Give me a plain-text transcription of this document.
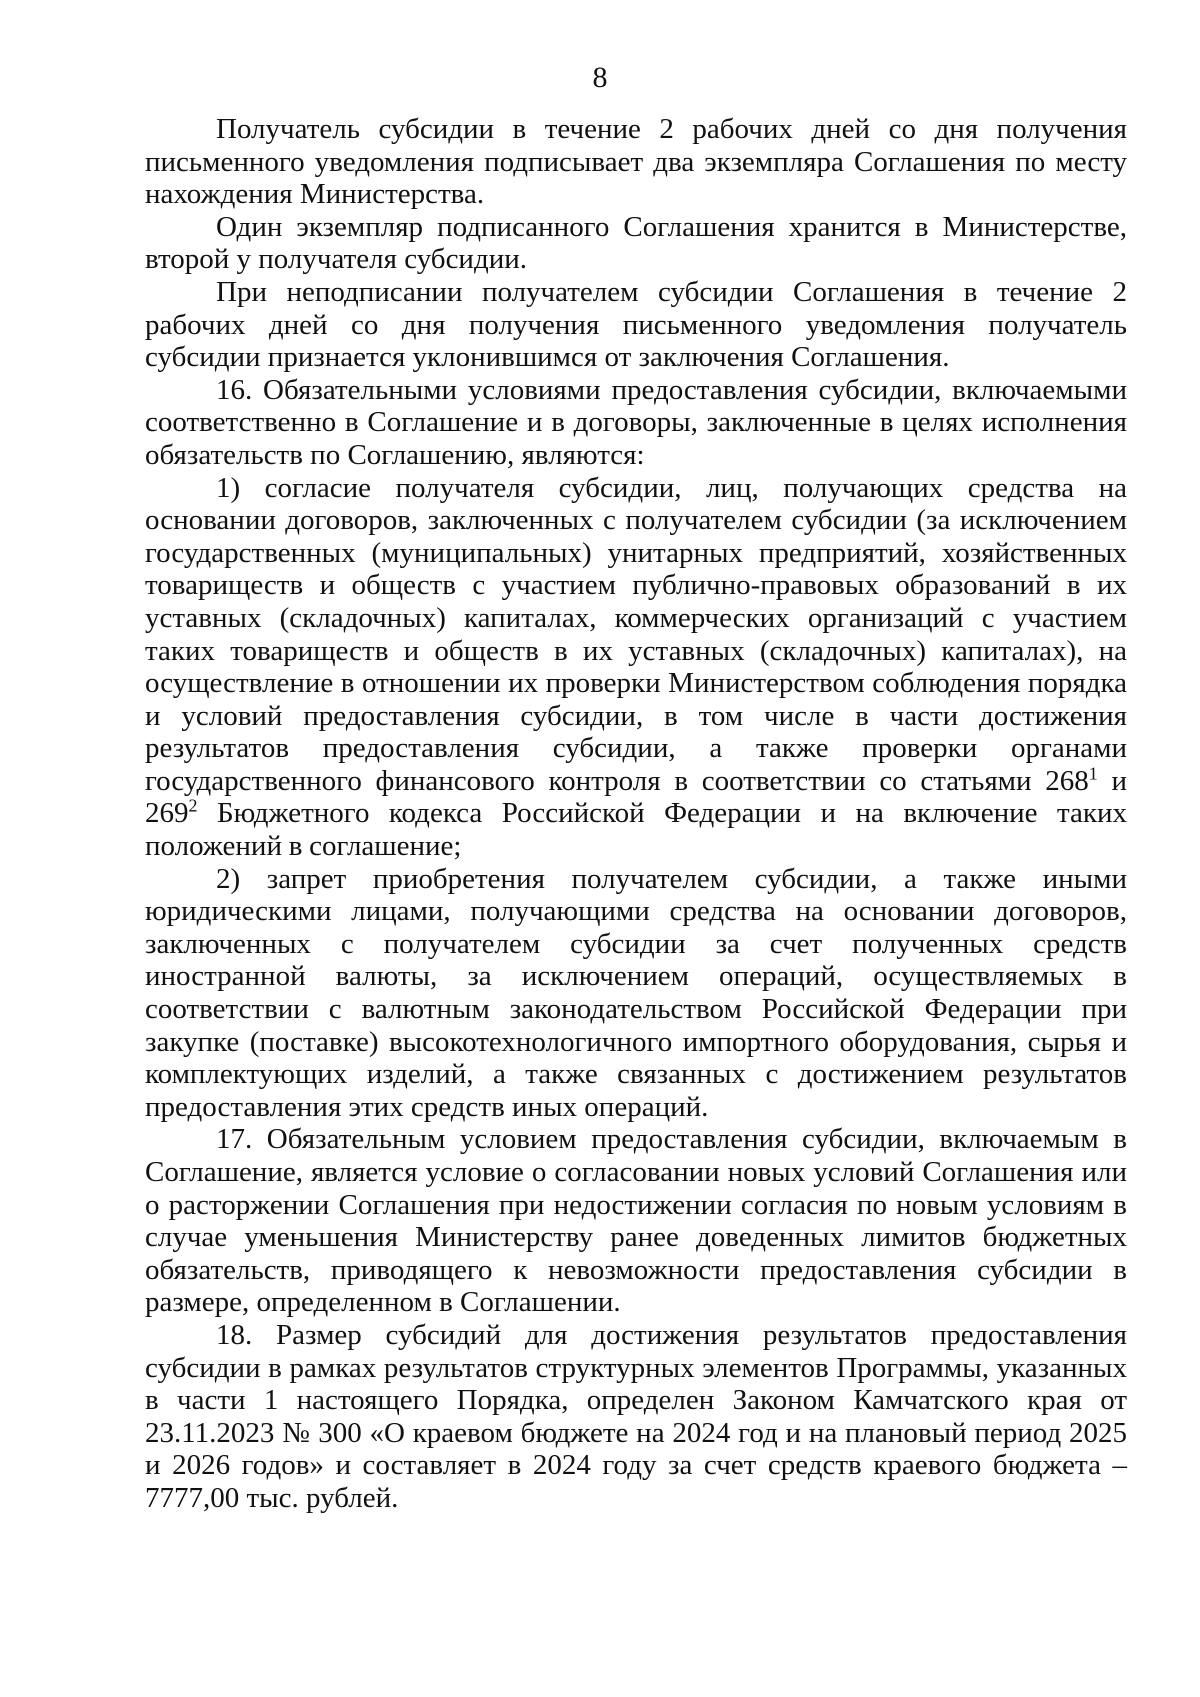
8

Получатель субсидии в течение 2 рабочих дней со дня получения письменного уведомления подписывает два экземпляра Соглашения по месту нахождения Министерства.

Один экземпляр подписанного Соглашения хранится в Министерстве, второй у получателя субсидии.

При неподписании получателем субсидии Соглашения в течение 2 рабочих дней со дня получения письменного уведомления получатель субсидии признается уклонившимся от заключения Соглашения.

16. Обязательными условиями предоставления субсидии, включаемыми соответственно в Соглашение и в договоры, заключенные в целях исполнения обязательств по Соглашению, являются:

1) согласие получателя субсидии, лиц, получающих средства на основании договоров, заключенных с получателем субсидии (за исключением государственных (муниципальных) унитарных предприятий, хозяйственных товариществ и обществ с участием публично-правовых образований в их уставных (складочных) капиталах, коммерческих организаций с участием таких товариществ и обществ в их уставных (складочных) капиталах), на осуществление в отношении их проверки Министерством соблюдения порядка и условий предоставления субсидии, в том числе в части достижения результатов предоставления субсидии, а также проверки органами государственного финансового контроля в соответствии со статьями $268^1$ и $269^2$ Бюджетного кодекса Российской Федерации и на включение таких положений в соглашение;

2) запрет приобретения получателем субсидии, а также иными юридическими лицами, получающими средства на основании договоров, заключенных с получателем субсидии за счет полученных средств иностранной валюты, за исключением операций, осуществляемых в соответствии с валютным законодательством Российской Федерации при закупке (поставке) высокотехнологичного импортного оборудования, сырья и комплектующих изделий, а также связанных с достижением результатов предоставления этих средств иных операций.

17. Обязательным условием предоставления субсидии, включаемым в Соглашение, является условие о согласовании новых условий Соглашения или о расторжении Соглашения при недостижении согласия по новым условиям в случае уменьшения Министерству ранее доведенных лимитов бюджетных обязательств, приводящего к невозможности предоставления субсидии в размере, определенном в Соглашении.

18. Размер субсидий для достижения результатов предоставления субсидии в рамках результатов структурных элементов Программы, указанных в части 1 настоящего Порядка, определен Законом Камчатского края от 23.11.2023 № 300 «О краевом бюджете на 2024 год и на плановый период 2025 и 2026 годов» и составляет в 2024 году за счет средств краевого бюджета – 7777,00 тыс. рублей.
